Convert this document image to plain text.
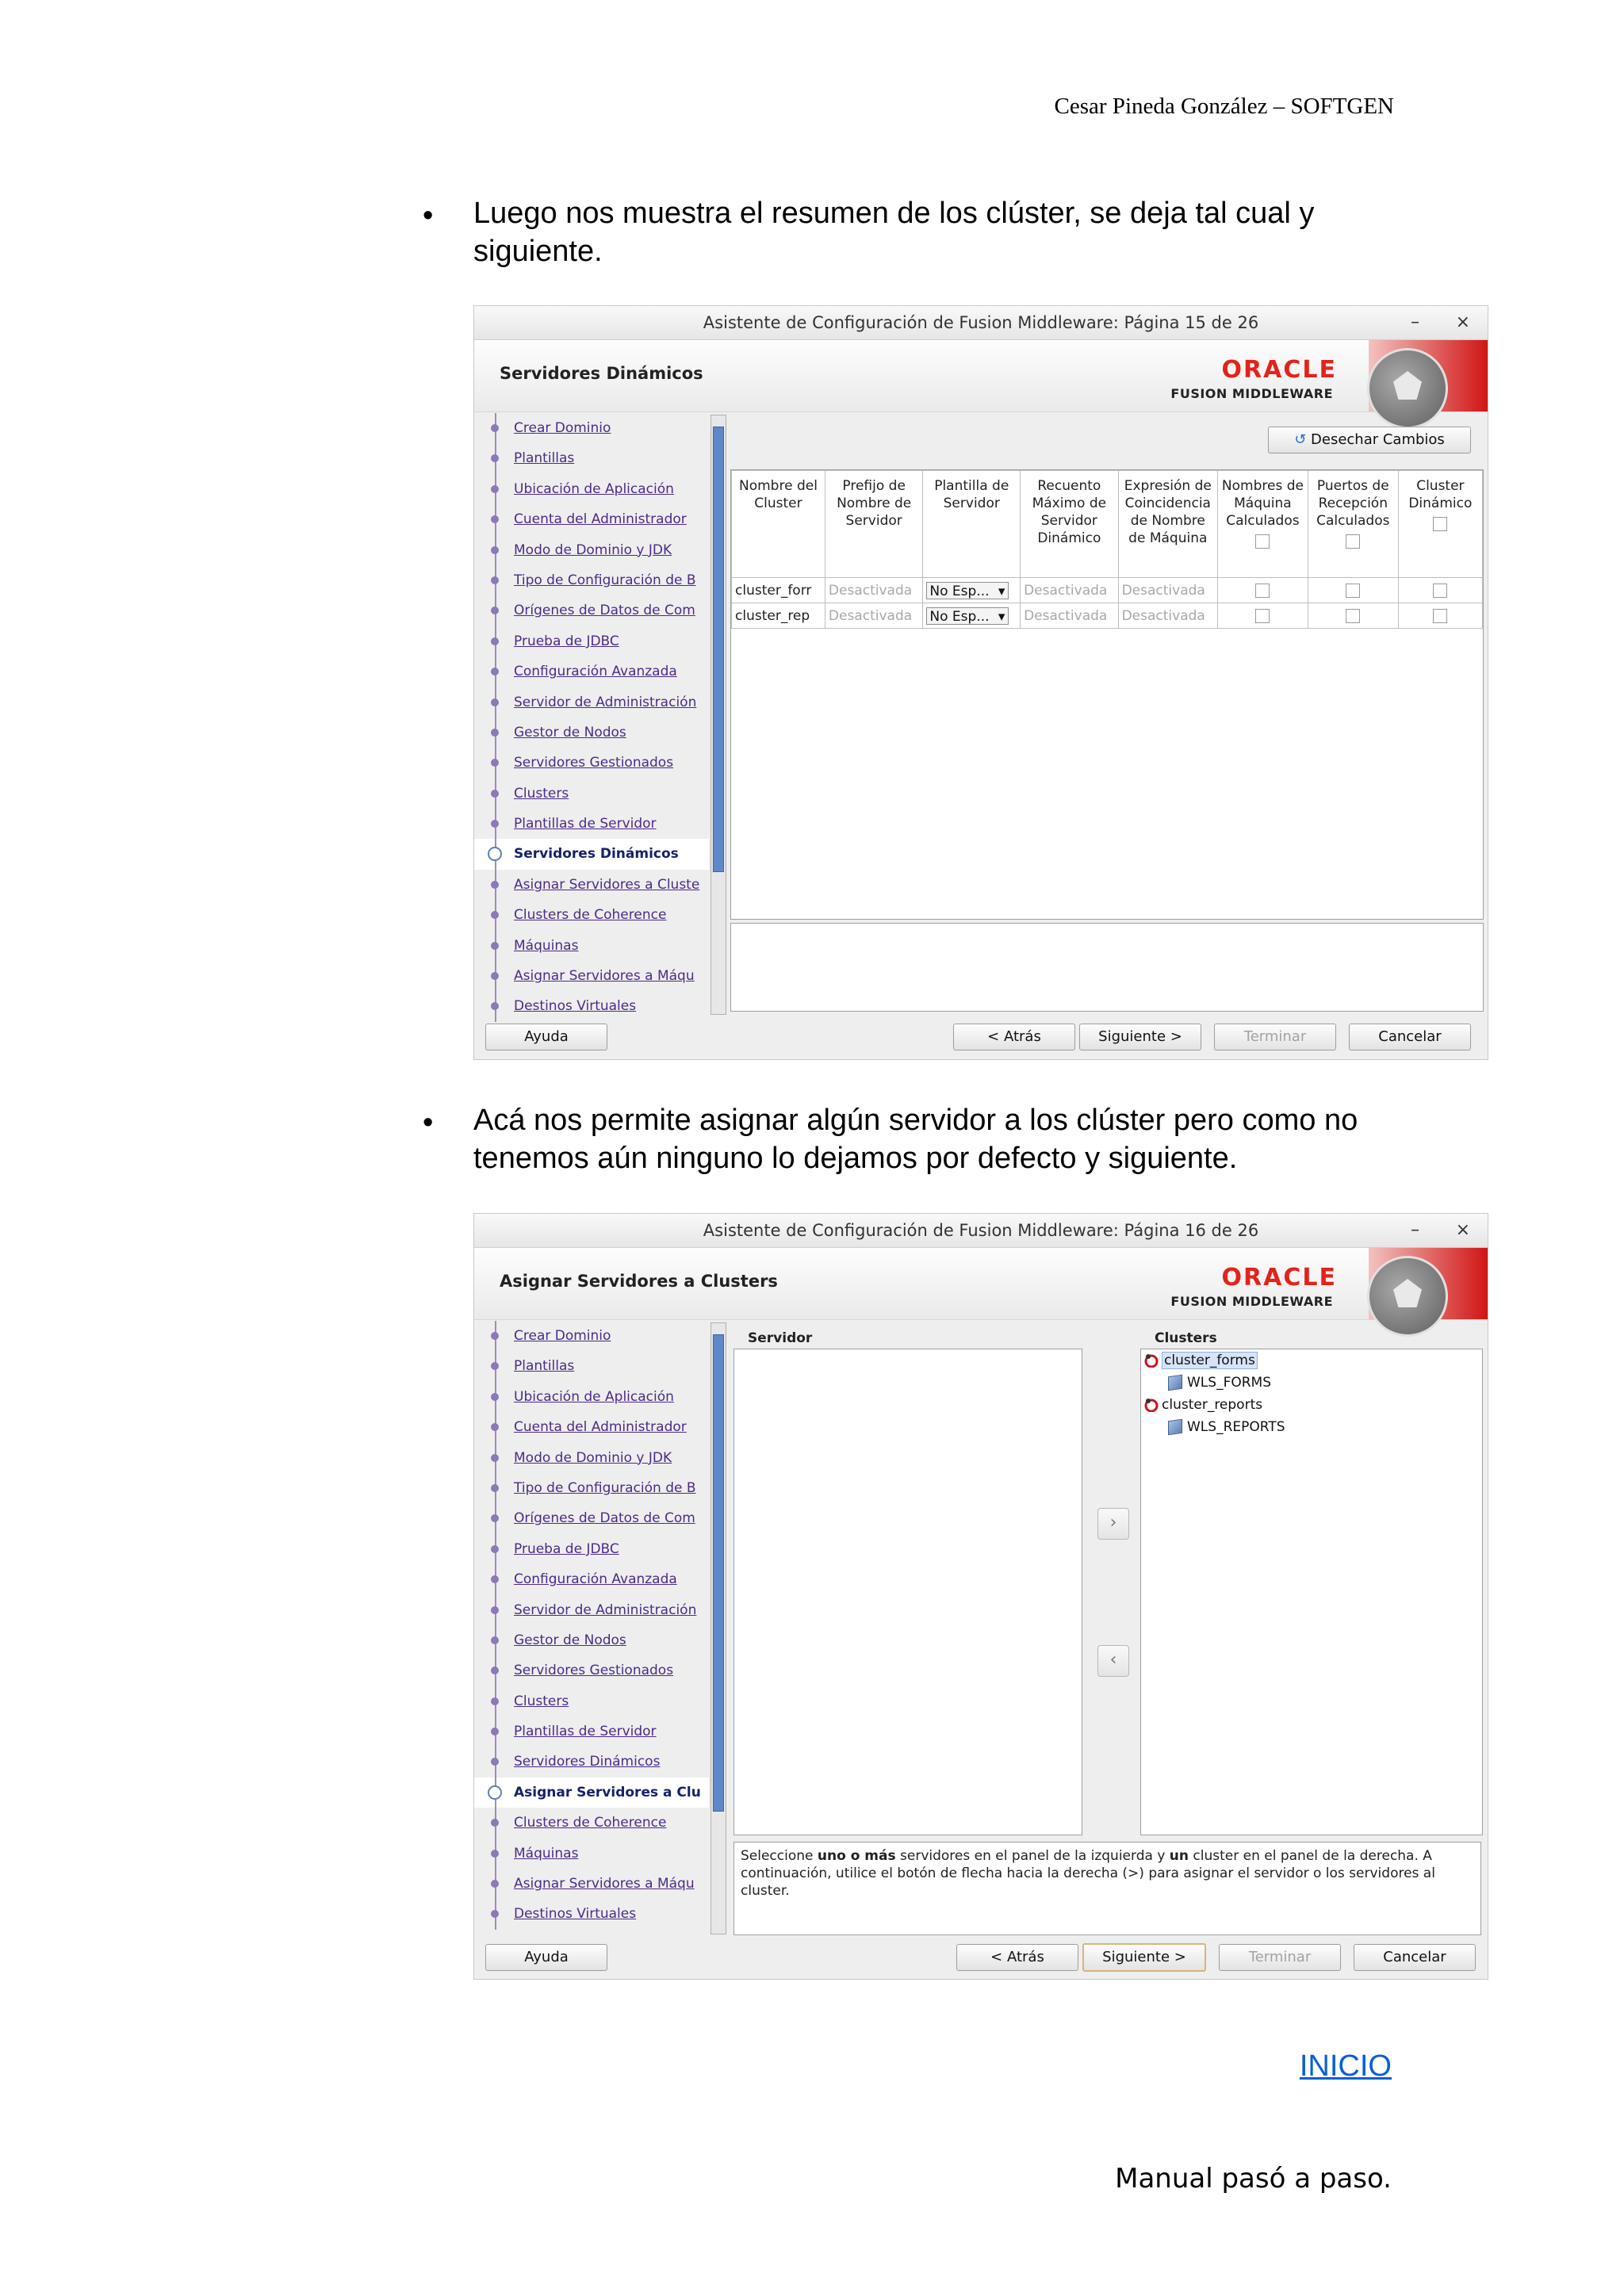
Cesar Pineda González – SOFTGEN
• Luego nos muestra el resumen de los clúster, se deja tal cual y siguiente.
Asistente de Configuración de Fusion Middleware: Página 15 de 26	– ×
Servidores Dinámicos	ORACLE
FUSION MIDDLEWARE
Crear Dominio
Plantillas
Ubicación de Aplicación
Cuenta del Administrador
Modo de Dominio y JDK
Tipo de Configuración de B
Orígenes de Datos de Com
Prueba de JDBC
Configuración Avanzada
Servidor de Administración
Gestor de Nodos
Servidores Gestionados
Clusters
Plantillas de Servidor
Servidores Dinámicos
Asignar Servidores a Cluste
Clusters de Coherence
Máquinas
Asignar Servidores a Máqu
Destinos Virtuales
↺ Desechar Cambios
Nombre del Cluster	Prefijo de Nombre de Servidor	Plantilla de Servidor	Recuento Máximo de Servidor Dinámico	Expresión de Coincidencia de Nombre de Máquina	Nombres de Máquina Calculados	Puertos de Recepción Calculados	Cluster Dinámico

cluster_forr	Desactivada	No Esp... ▾	Desactivada	Desactivada			
cluster_rep	Desactivada	No Esp... ▾	Desactivada	Desactivada			
Ayuda	< Atrás	Siguiente >	Terminar	Cancelar
• Acá nos permite asignar algún servidor a los clúster pero como no tenemos aún ninguno lo dejamos por defecto y siguiente.
Asistente de Configuración de Fusion Middleware: Página 16 de 26	– ×
Asignar Servidores a Clusters	ORACLE
FUSION MIDDLEWARE
Crear Dominio
Plantillas
Ubicación de Aplicación
Cuenta del Administrador
Modo de Dominio y JDK
Tipo de Configuración de B
Orígenes de Datos de Com
Prueba de JDBC
Configuración Avanzada
Servidor de Administración
Gestor de Nodos
Servidores Gestionados
Clusters
Plantillas de Servidor
Servidores Dinámicos
Asignar Servidores a Clu
Clusters de Coherence
Máquinas
Asignar Servidores a Máqu
Destinos Virtuales
Servidor
›
‹
Clusters
cluster_forms
WLS_FORMS
cluster_reports
WLS_REPORTS
Seleccione uno o más servidores en el panel de la izquierda y un cluster en el panel de la derecha. A continuación, utilice el botón de flecha hacia la derecha (>) para asignar el servidor o los servidores al cluster.
Ayuda	< Atrás	Siguiente >	Terminar	Cancelar
INICIO
Manual pasó a paso.
